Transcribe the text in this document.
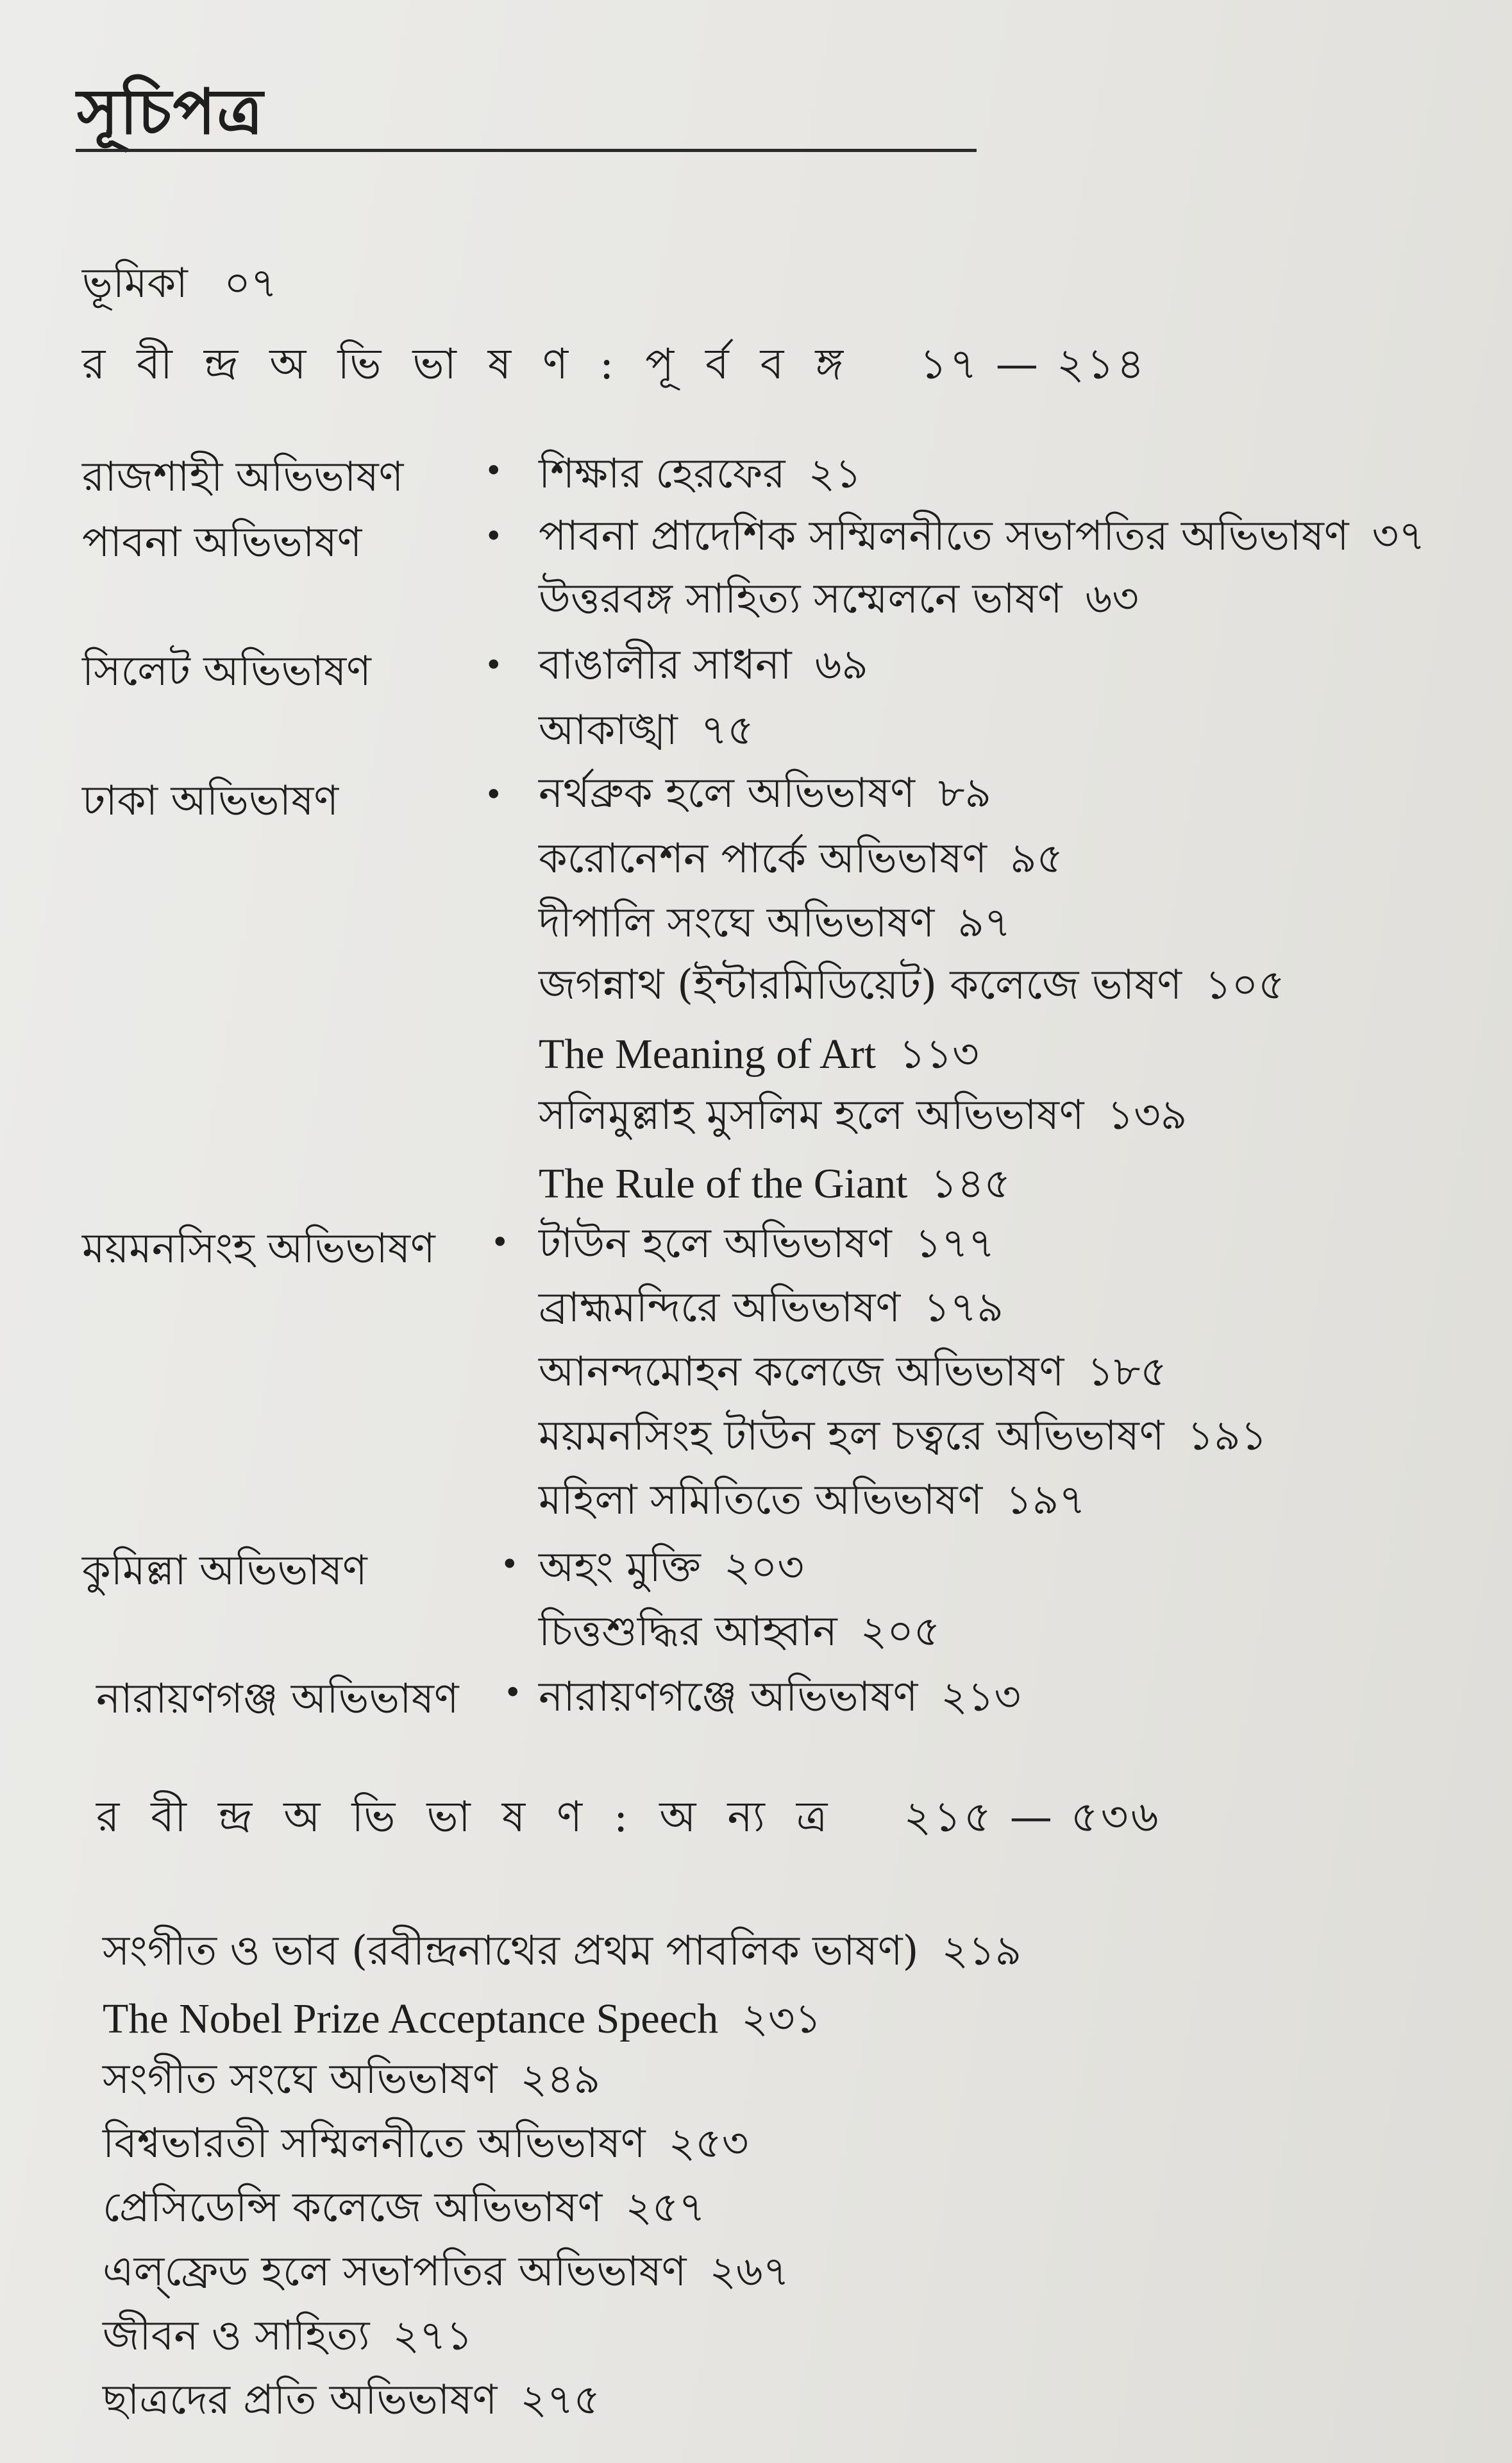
সূচিপত্র
ভূমিকা ০৭
র বী ন্দ্র অ ভি ভা ষ ণ : পূ র্ব ব ঙ্গ ১৭ — ২১৪
রাজশাহী অভিভাষণ	• শিক্ষার হেরফের ২১
পাবনা অভিভাষণ	• পাবনা প্রাদেশিক সম্মিলনীতে সভাপতির অভিভাষণ ৩৭
উত্তরবঙ্গ সাহিত্য সম্মেলনে ভাষণ ৬৩
সিলেট অভিভাষণ	• বাঙালীর সাধনা ৬৯
আকাঙ্খা ৭৫
ঢাকা অভিভাষণ	• নর্থব্রুক হলে অভিভাষণ ৮৯
করোনেশন পার্কে অভিভাষণ ৯৫
দীপালি সংঘে অভিভাষণ ৯৭
জগন্নাথ (ইন্টারমিডিয়েট) কলেজে ভাষণ ১০৫
The Meaning of Art ১১৩
সলিমুল্লাহ মুসলিম হলে অভিভাষণ ১৩৯
The Rule of the Giant ১৪৫
ময়মনসিংহ অভিভাষণ • টাউন হলে অভিভাষণ ১৭৭
ব্রাহ্মমন্দিরে অভিভাষণ ১৭৯
আনন্দমোহন কলেজে অভিভাষণ ১৮৫
ময়মনসিংহ টাউন হল চত্বরে অভিভাষণ ১৯১
মহিলা সমিতিতে অভিভাষণ ১৯৭
কুমিল্লা অভিভাষণ	• অহং মুক্তি ২০৩
চিত্তশুদ্ধির আহ্বান ২০৫
নারায়ণগঞ্জ অভিভাষণ • নারায়ণগঞ্জে অভিভাষণ ২১৩
র বী ন্দ্র অ ভি ভা ষ ণ : অ ন্য ত্র ২১৫ — ৫৩৬
সংগীত ও ভাব (রবীন্দ্রনাথের প্রথম পাবলিক ভাষণ) ২১৯
The Nobel Prize Acceptance Speech ২৩১
সংগীত সংঘে অভিভাষণ ২৪৯
বিশ্বভারতী সম্মিলনীতে অভিভাষণ ২৫৩
প্রেসিডেন্সি কলেজে অভিভাষণ ২৫৭
এল্‌ফ্রেড হলে সভাপতির অভিভাষণ ২৬৭
জীবন ও সাহিত্য ২৭১
ছাত্রদের প্রতি অভিভাষণ ২৭৫
